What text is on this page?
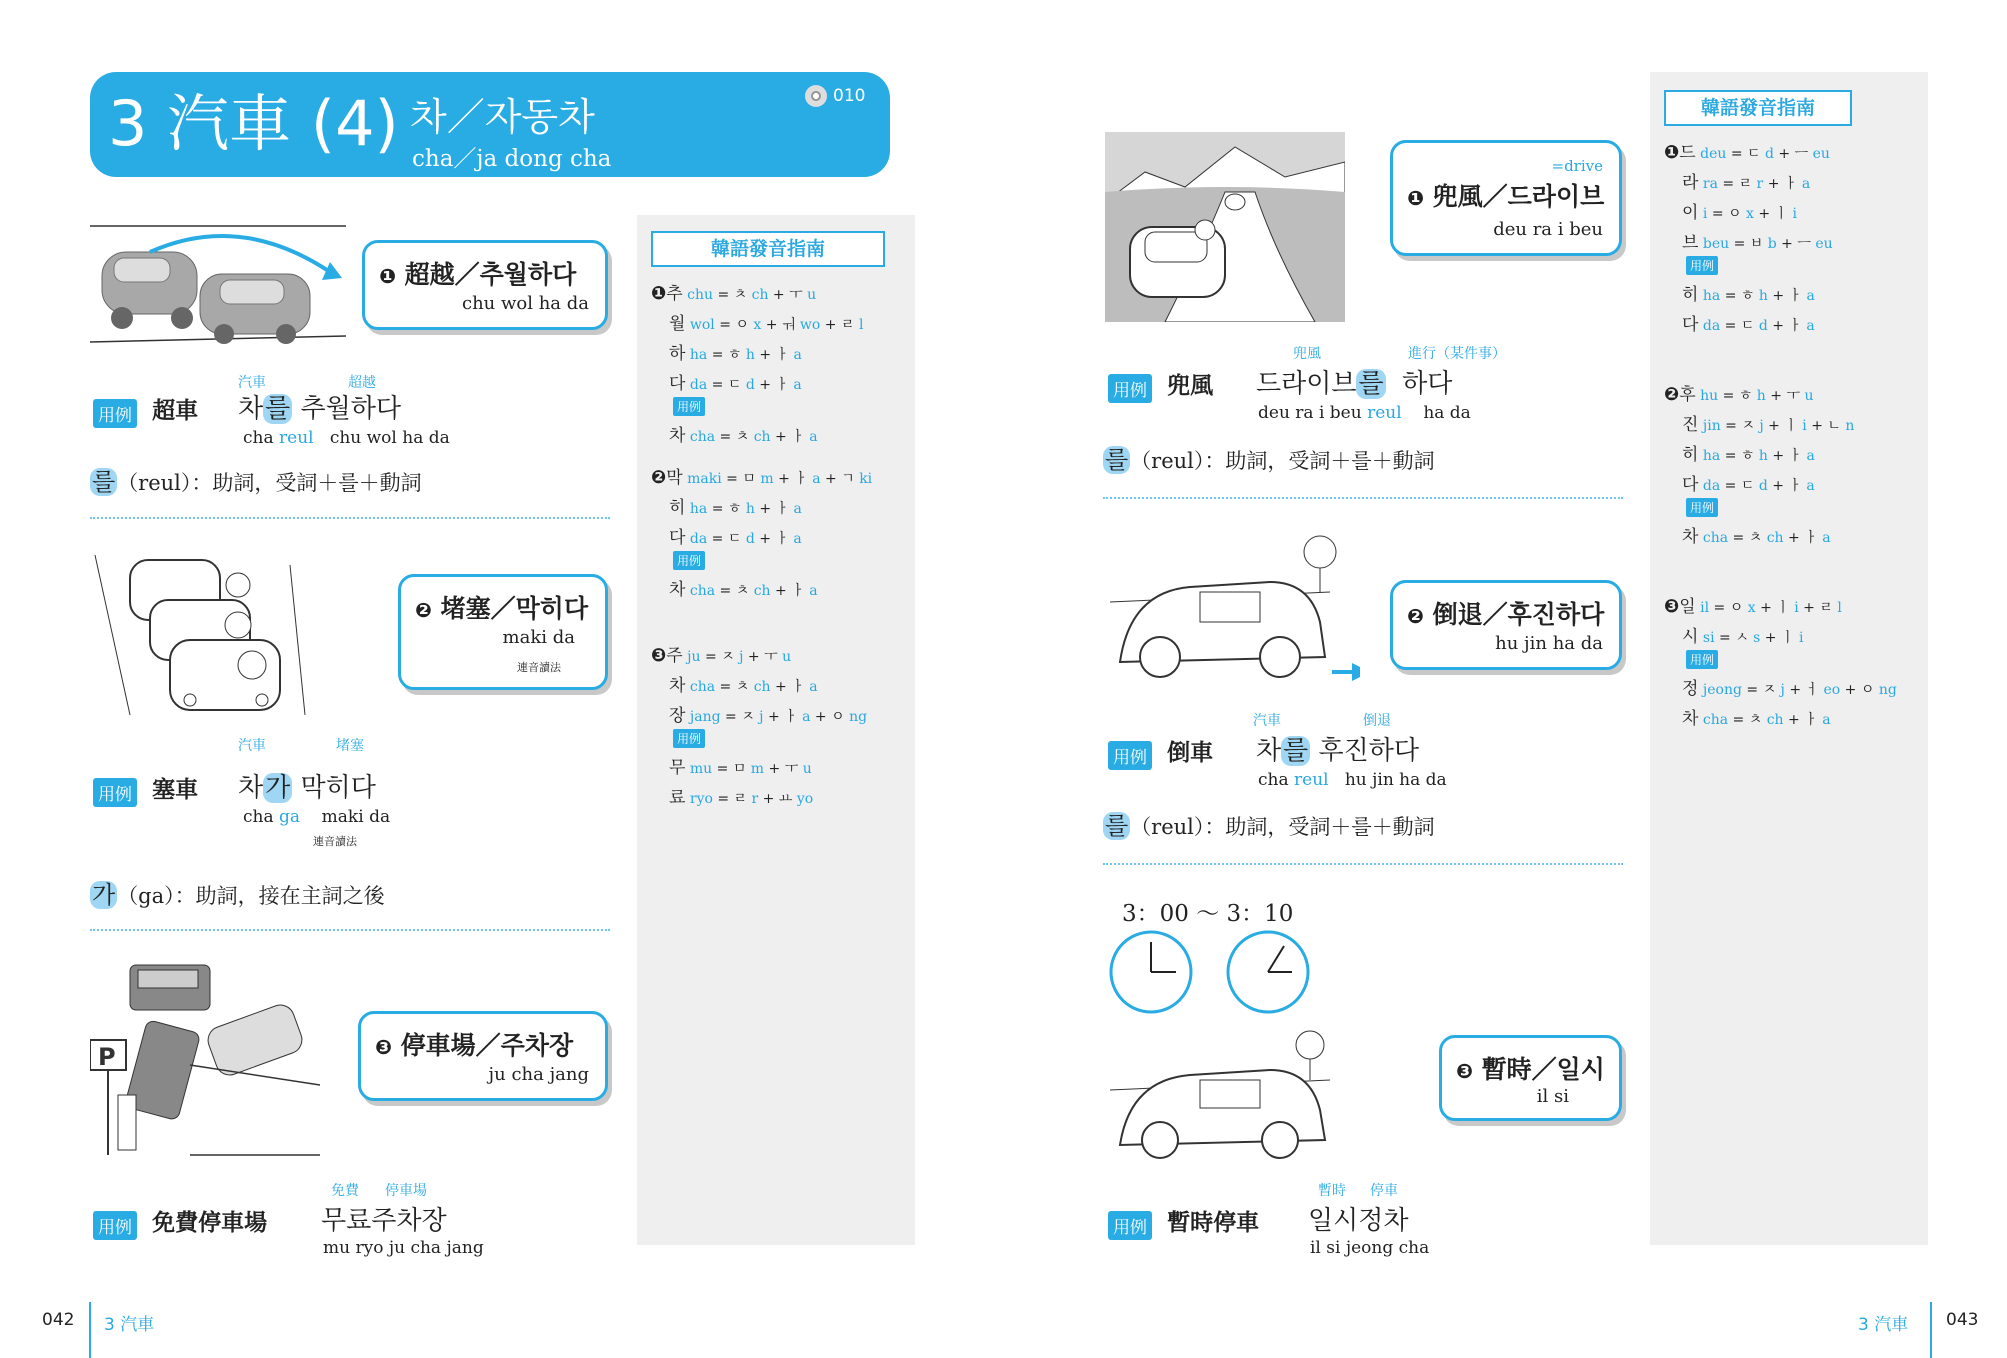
3 汽車 (4) 차／자동차
cha／ja dong cha
010
P
❶ 超越／추월하다
chu wol ha da
❷ 堵塞／막히다
maki da
連音讀法
❸ 停車場／주차장
ju cha jang
汽車	超越
用例 超車 차를 추월하다
cha reul chu wol ha da
를（reul）：助詞，受詞＋를＋動詞
汽車	堵塞
用例 塞車 차가 막히다
cha ga maki da
連音讀法
가（ga）：助詞，接在主詞之後
免費 停車場
用例 免費停車場 무료주차장
mu ryo ju cha jang
韓語發音指南
❶추 chu = ㅊ ch + ㅜ u
월 wol = ㅇ x + ㅝ wo + ㄹ l
하 ha = ㅎ h + ㅏ a
다 da = ㄷ d + ㅏ a
차 cha = ㅊ ch + ㅏ a
用例
❷막 maki = ㅁ m + ㅏ a + ㄱ ki
히 ha = ㅎ h + ㅏ a
다 da = ㄷ d + ㅏ a
차 cha = ㅊ ch + ㅏ a
用例
❸주 ju = ㅈ j + ㅜ u
차 cha = ㅊ ch + ㅏ a
장 jang = ㅈ j + ㅏ a + ㅇ ng
무 mu = ㅁ m + ㅜ u
료 ryo = ㄹ r + ㅛ yo
用例
3：00 ～ 3：10
=drive
❶ 兜風／드라이브
deu ra i beu
❷ 倒退／후진하다
hu jin ha da
❸ 暫時／일시
il si
兜風	進行（某件事）
用例 兜風 드라이브를 하다
deu ra i beu reul ha da
를（reul）：助詞，受詞＋를＋動詞
汽車	倒退
用例 倒車 차를 후진하다
cha reul hu jin ha da
를（reul）：助詞，受詞＋를＋動詞
暫時 停車
用例 暫時停車 일시정차
il si jeong cha
韓語發音指南
❶드 deu = ㄷ d + ㅡ eu
라 ra = ㄹ r + ㅏ a
이 i = ㅇ x + ㅣ i
브 beu = ㅂ b + ㅡ eu
히 ha = ㅎ h + ㅏ a
다 da = ㄷ d + ㅏ a
用例
❷후 hu = ㅎ h + ㅜ u
진 jin = ㅈ j + ㅣ i + ㄴ n
히 ha = ㅎ h + ㅏ a
다 da = ㄷ d + ㅏ a
차 cha = ㅊ ch + ㅏ a
用例
❸일 il = ㅇ x + ㅣ i + ㄹ l
시 si = ㅅ s + ㅣ i
정 jeong = ㅈ j + ㅓ eo + ㅇ ng
차 cha = ㅊ ch + ㅏ a
用例
042 3 汽車	3 汽車 043
